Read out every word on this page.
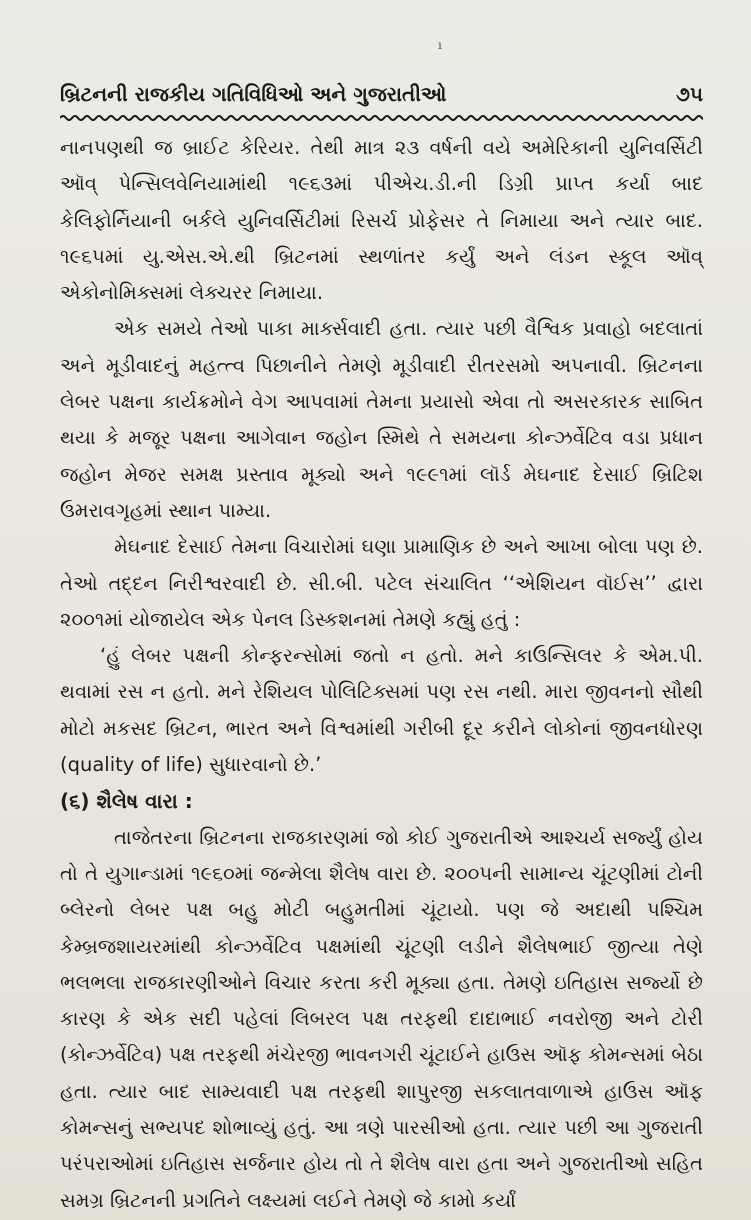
ı
બ્રિટનની રાજકીય ગતિવિધિઓ અને ગુજરાતીઓ	૭૫

નાનપણથી જ બ્રાઈટ કેરિયર. તેથી માત્ર ૨૩ વર્ષની વયે અમેરિકાની યુનિવર્સિટી ઑવ્ પેન્સિલવેનિયામાંથી ૧૯૬૩માં પીએચ.ડી.ની ડિગ્રી પ્રાપ્ત કર્યા બાદ કેલિફોર્નિયાની બર્કલે યુનિવર્સિટીમાં રિસર્ચ પ્રોફેસર તે નિમાયા અને ત્યાર બાદ. ૧૯૬૫માં યુ.એસ.એ.થી બ્રિટનમાં સ્થળાંતર કર્યું અને લંડન સ્કૂલ ઑવ્ એકોનોમિક્સમાં લેક્ચરર નિમાયા.

એક સમયે તેઓ પાકા માર્ક્સવાદી હતા. ત્યાર પછી વૈશ્વિક પ્રવાહો બદલાતાં અને મૂડીવાદનું મહત્ત્વ પિછાનીને તેમણે મૂડીવાદી રીતરસમો અપનાવી. બ્રિટનના લેબર પક્ષના કાર્યક્રમોને વેગ આપવામાં તેમના પ્રયાસો એવા તો અસરકારક સાબિત થયા કે મજૂર પક્ષના આગેવાન જહોન સ્મિથે તે સમયના કોન્ઝર્વેટિવ વડા પ્રધાન જહોન મેજર સમક્ષ પ્રસ્તાવ મૂક્યો અને ૧૯૯૧માં લૉર્ડ મેઘનાદ દેસાઈ બ્રિટિશ ઉમરાવગૃહમાં સ્થાન પામ્યા.

મેઘનાદ દેસાઈ તેમના વિચારોમાં ઘણા પ્રામાણિક છે અને આખા બોલા પણ છે. તેઓ તદ્દન નિરીશ્વરવાદી છે. સી.બી. પટેલ સંચાલિત ‘‘એશિયન વૉઈસ’’ દ્વારા ૨૦૦૧માં યોજાયેલ એક પેનલ ડિસ્કશનમાં તેમણે કહ્યું હતું :

‘હું લેબર પક્ષની કોન્ફરન્સોમાં જતો ન હતો. મને કાઉન્સિલર કે એમ.પી. થવામાં રસ ન હતો. મને રેશિયલ પોલિટિક્સમાં પણ રસ નથી. મારા જીવનનો સૌથી મોટો મકસદ બ્રિટન, ભારત અને વિશ્વમાંથી ગરીબી દૂર કરીને લોકોનાં જીવનધોરણ (quality of life) સુધારવાનો છે.’

(૬) શૈલેષ વારા :

તાજેતરના બ્રિટનના રાજકારણમાં જો કોઈ ગુજરાતીએ આશ્ચર્ય સર્જ્યું હોય તો તે યુગાન્ડામાં ૧૯૬૦માં જન્મેલા શૈલેષ વારા છે. ૨૦૦૫ની સામાન્ય ચૂંટણીમાં ટોની બ્લેરનો લેબર પક્ષ બહુ મોટી બહુમતીમાં ચૂંટાયો. પણ જે અદાથી પશ્ચિમ કેમ્બ્રજશાયરમાંથી કોન્ઝર્વેટિવ પક્ષમાંથી ચૂંટણી લડીને શૈલેષભાઈ જીત્યા તેણે ભલભલા રાજકારણીઓને વિચાર કરતા કરી મૂક્યા હતા. તેમણે ઇતિહાસ સર્જ્યો છે કારણ કે એક સદી પહેલાં લિબરલ પક્ષ તરફથી દાદાભાઈ નવરોજી અને ટોરી (કોન્ઝર્વેટિવ) પક્ષ તરફથી મંચેરજી ભાવનગરી ચૂંટાઈને હાઉસ ઑફ કોમન્સમાં બેઠા હતા. ત્યાર બાદ સામ્યવાદી પક્ષ તરફથી શાપુરજી સકલાતવાળાએ હાઉસ ઑફ કોમન્સનું સભ્યપદ શોભાવ્યું હતું. આ ત્રણે પારસીઓ હતા. ત્યાર પછી આ ગુજરાતી પરંપરાઓમાં ઇતિહાસ સર્જનાર હોય તો તે શૈલેષ વારા હતા અને ગુજરાતીઓ સહિત સમગ્ર બ્રિટનની પ્રગતિને લક્ષ્યમાં લઈને તેમણે જે કામો કર્યાં
